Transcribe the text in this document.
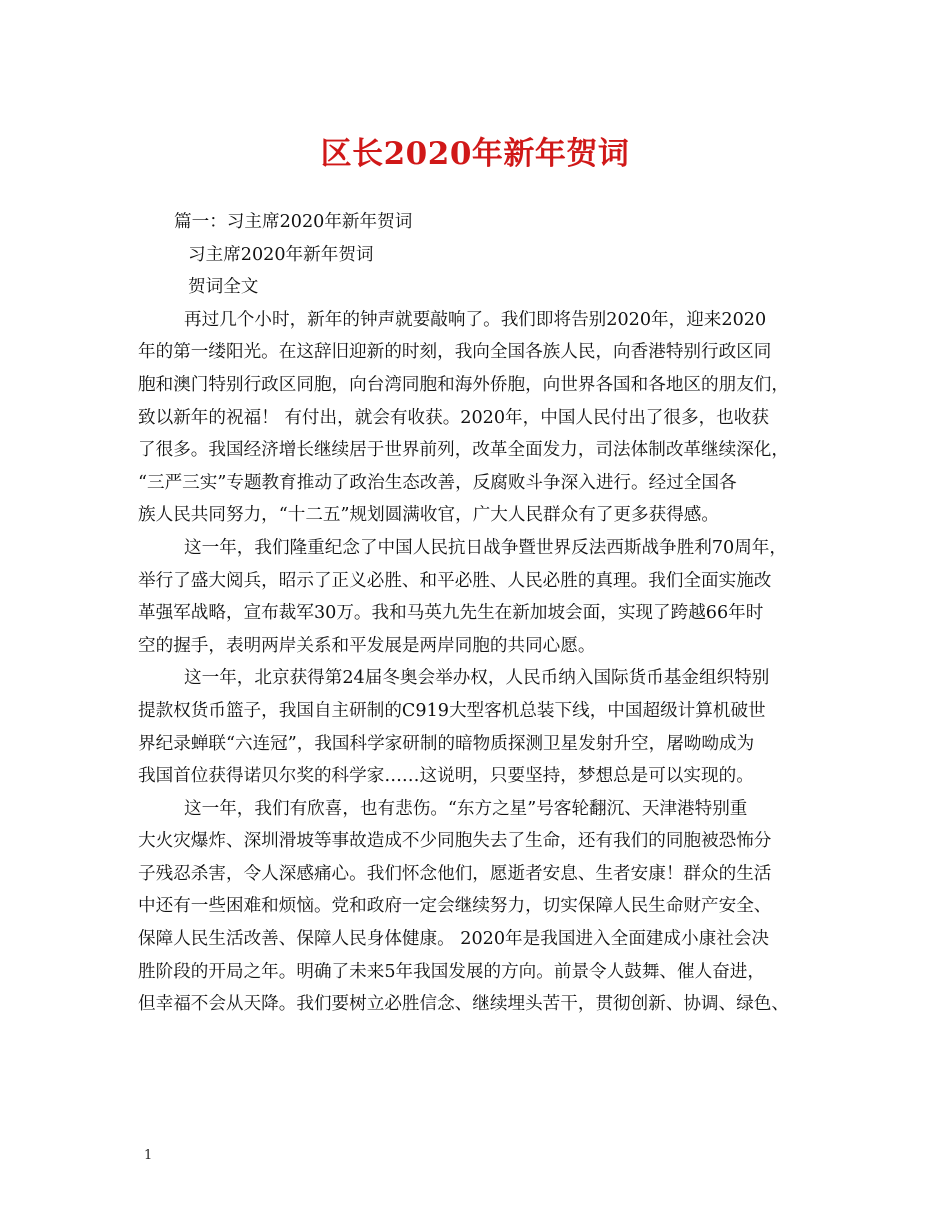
区长2020年新年贺词
篇一：习主席2020年新年贺词
习主席2020年新年贺词
贺词全文
再过几个小时，新年的钟声就要敲响了。我们即将告别2020年，迎来2020
年的第一缕阳光。在这辞旧迎新的时刻，我向全国各族人民，向香港特别行政区同
胞和澳门特别行政区同胞，向台湾同胞和海外侨胞，向世界各国和各地区的朋友们，
致以新年的祝福！ 有付出，就会有收获。2020年，中国人民付出了很多，也收获
了很多。我国经济增长继续居于世界前列，改革全面发力，司法体制改革继续深化，
“三严三实”专题教育推动了政治生态改善，反腐败斗争深入进行。经过全国各
族人民共同努力，“十二五”规划圆满收官，广大人民群众有了更多获得感。
这一年，我们隆重纪念了中国人民抗日战争暨世界反法西斯战争胜利70周年，
举行了盛大阅兵，昭示了正义必胜、和平必胜、人民必胜的真理。我们全面实施改
革强军战略，宣布裁军30万。我和马英九先生在新加坡会面，实现了跨越66年时
空的握手，表明两岸关系和平发展是两岸同胞的共同心愿。
这一年，北京获得第24届冬奥会举办权，人民币纳入国际货币基金组织特别
提款权货币篮子，我国自主研制的C919大型客机总装下线，中国超级计算机破世
界纪录蝉联“六连冠”，我国科学家研制的暗物质探测卫星发射升空，屠呦呦成为
我国首位获得诺贝尔奖的科学家……这说明，只要坚持，梦想总是可以实现的。
这一年，我们有欣喜，也有悲伤。“东方之星”号客轮翻沉、天津港特别重
大火灾爆炸、深圳滑坡等事故造成不少同胞失去了生命，还有我们的同胞被恐怖分
子残忍杀害，令人深感痛心。我们怀念他们，愿逝者安息、生者安康！群众的生活
中还有一些困难和烦恼。党和政府一定会继续努力，切实保障人民生命财产安全、
保障人民生活改善、保障人民身体健康。 2020年是我国进入全面建成小康社会决
胜阶段的开局之年。明确了未来5年我国发展的方向。前景令人鼓舞、催人奋进，
但幸福不会从天降。我们要树立必胜信念、继续埋头苦干，贯彻创新、协调、绿色、
1
